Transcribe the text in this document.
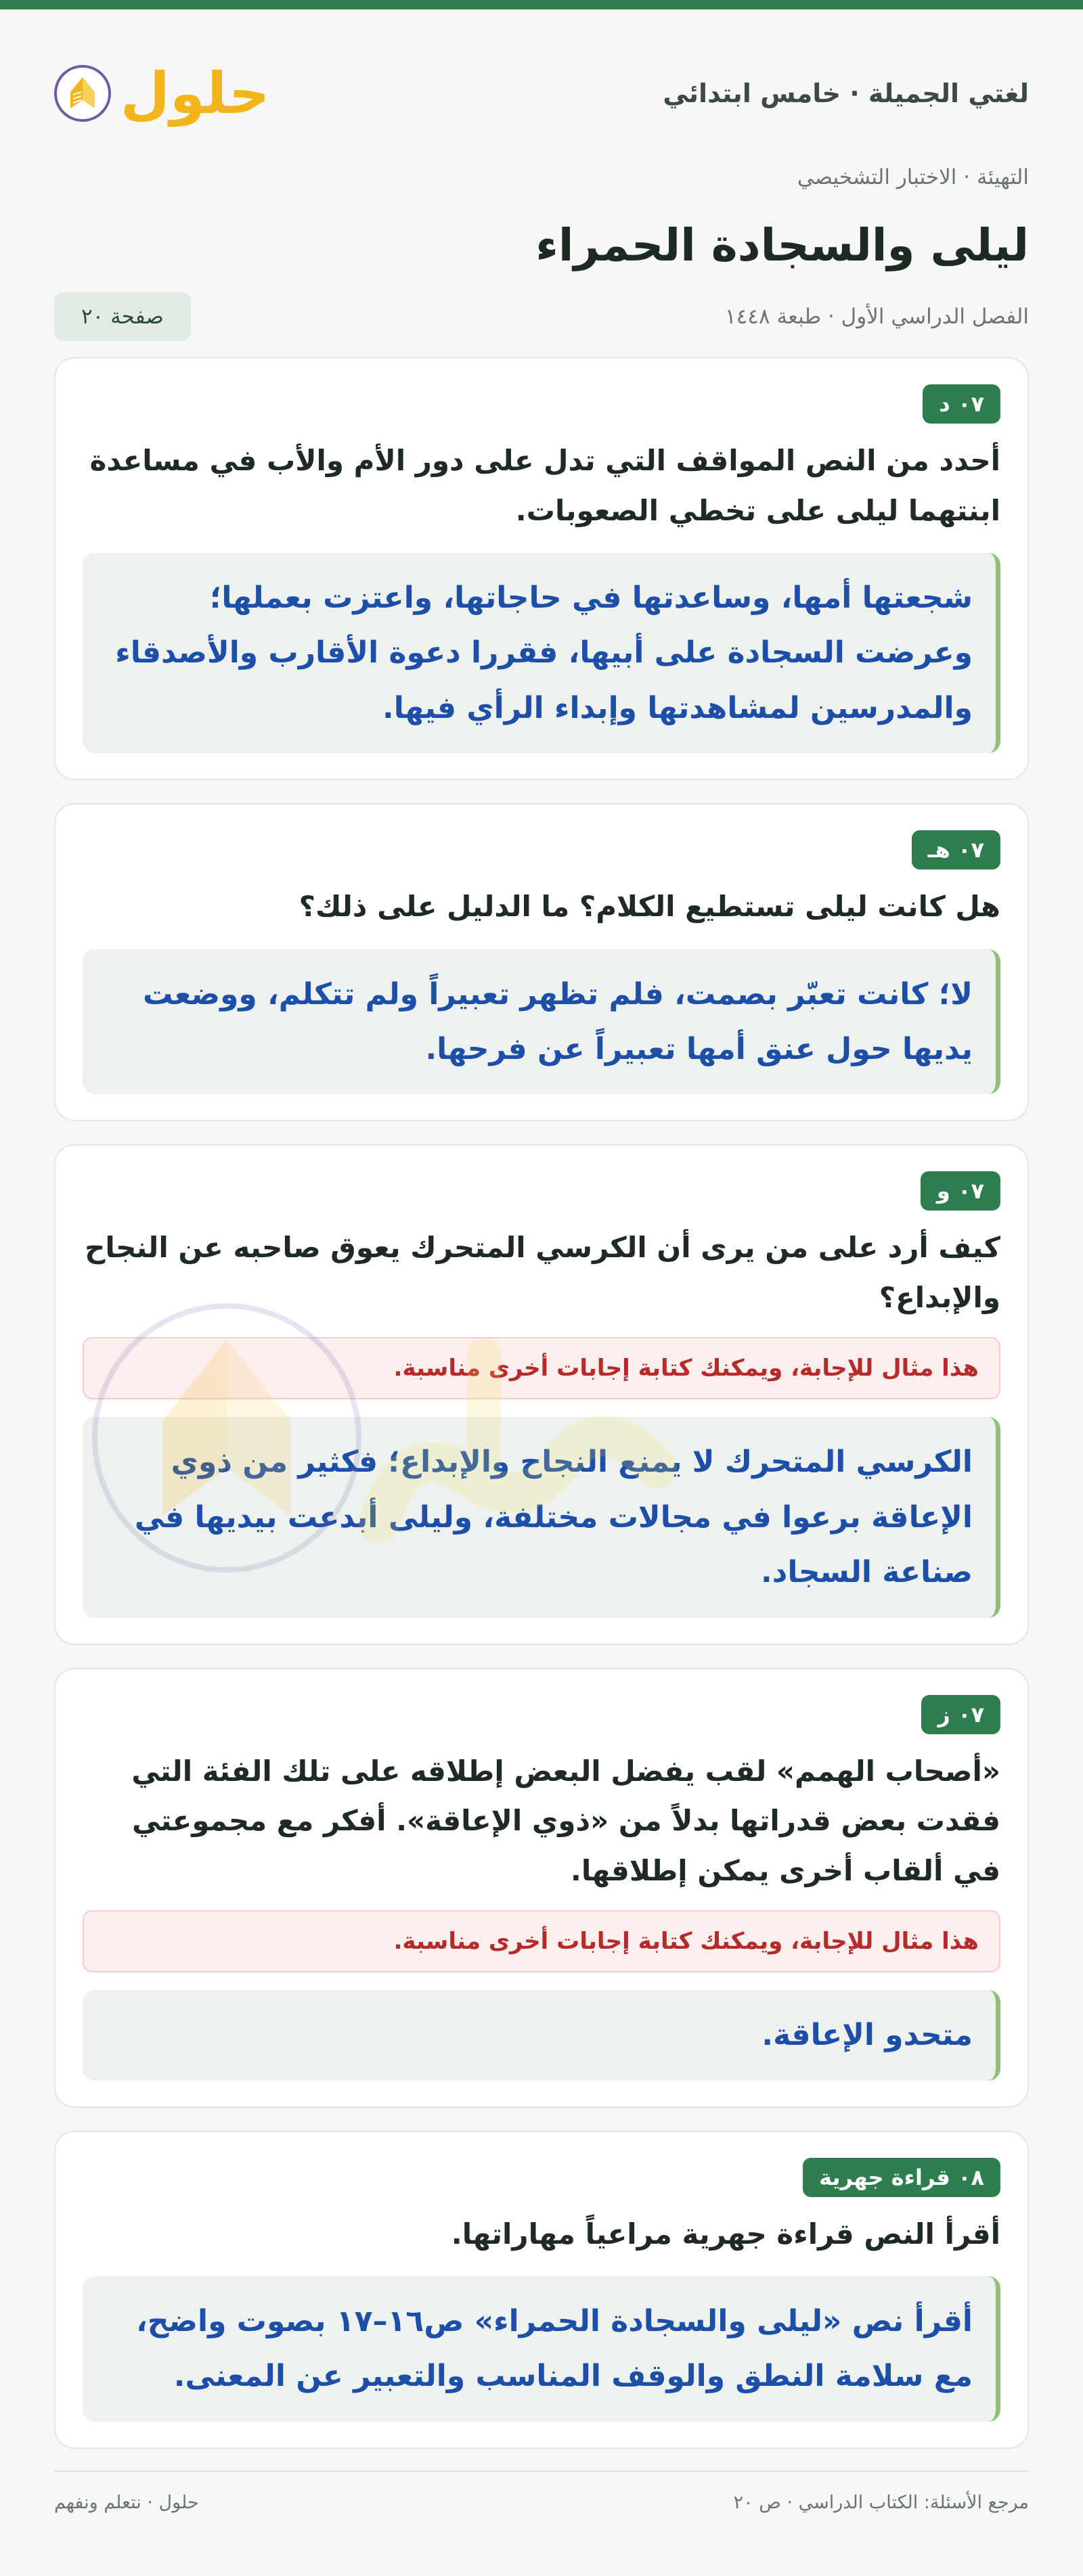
لغتي الجميلة · خامس ابتدائي
حلول
التهيئة · الاختبار التشخيصي
ليلى والسجادة الحمراء
الفصل الدراسي الأول · طبعة ١٤٤٨
صفحة ٢٠
٠٧ د
أحدد من النص المواقف التي تدل على دور الأم والأب في مساعدة ابنتهما ليلى على تخطي الصعوبات.
شجعتها أمها، وساعدتها في حاجاتها، واعتزت بعملها؛ وعرضت السجادة على أبيها، فقررا دعوة الأقارب والأصدقاء والمدرسين لمشاهدتها وإبداء الرأي فيها.
٠٧ هـ
هل كانت ليلى تستطيع الكلام؟ ما الدليل على ذلك؟
لا؛ كانت تعبّر بصمت، فلم تظهر تعبيراً ولم تتكلم، ووضعت يديها حول عنق أمها تعبيراً عن فرحها.
٠٧ و
كيف أرد على من يرى أن الكرسي المتحرك يعوق صاحبه عن النجاح والإبداع؟
هذا مثال للإجابة، ويمكنك كتابة إجابات أخرى مناسبة.
الكرسي المتحرك لا يمنع النجاح والإبداع؛ فكثير من ذوي الإعاقة برعوا في مجالات مختلفة، وليلى أبدعت بيديها في صناعة السجاد.
٠٧ ز
«أصحاب الهمم» لقب يفضل البعض إطلاقه على تلك الفئة التي فقدت بعض قدراتها بدلاً من «ذوي الإعاقة». أفكر مع مجموعتي في ألقاب أخرى يمكن إطلاقها.
هذا مثال للإجابة، ويمكنك كتابة إجابات أخرى مناسبة.
متحدو الإعاقة.
٠٨ قراءة جهرية
أقرأ النص قراءة جهرية مراعياً مهاراتها.
أقرأ نص «ليلى والسجادة الحمراء» ص١٦–١٧ بصوت واضح، مع سلامة النطق والوقف المناسب والتعبير عن المعنى.
مرجع الأسئلة: الكتاب الدراسي · ص ٢٠
حلول · نتعلم ونفهم
